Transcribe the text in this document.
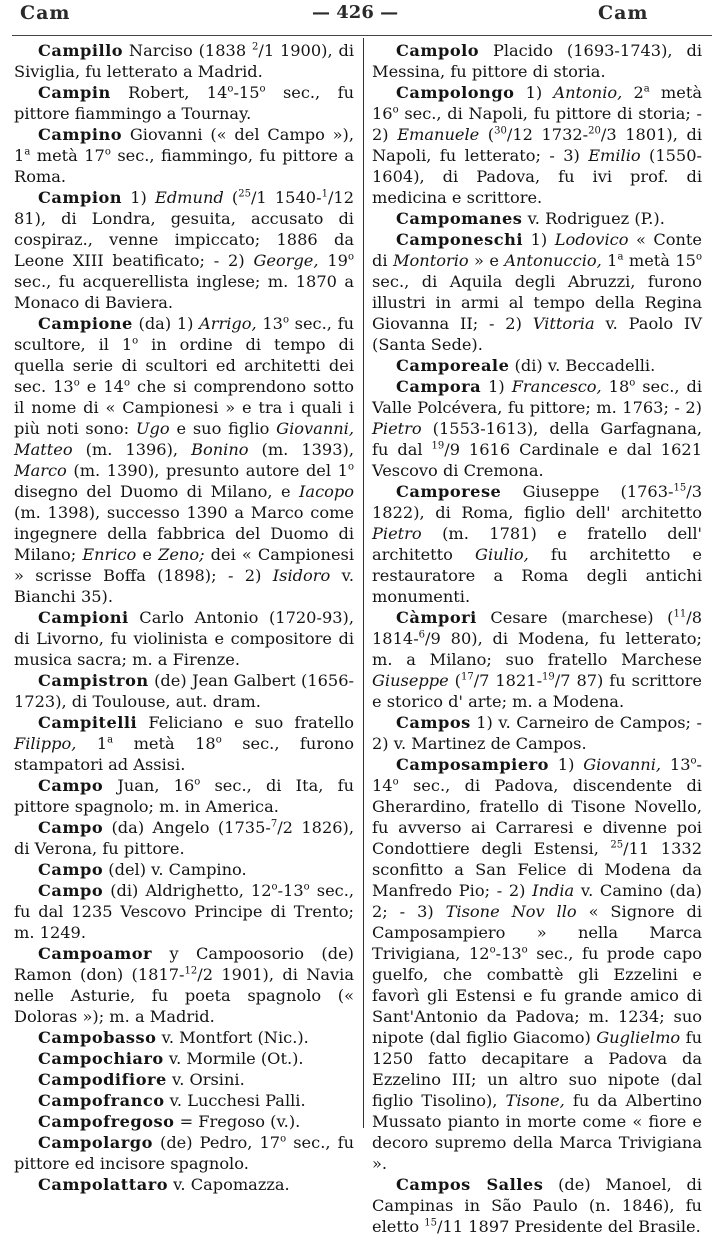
Cam	— 426 —	Cam

Campillo Narciso (1838 $^2$/1 1900), di Siviglia, fu letterato a Madrid.

Campin Robert, 14$^o$-15$^o$ sec., fu pittore fiammingo a Tournay.

Campino Giovanni (« del Campo »), 1$^a$ metà 17$^o$ sec., fiammingo, fu pittore a Roma.

Campion 1) Edmund ($^{25}$/1 1540-$^1$/12 81), di Londra, gesuita, accusato di cospiraz., venne impiccato; 1886 da Leone XIII beatificato; - 2) George, 19$^o$ sec., fu acquerellista inglese; m. 1870 a Monaco di Baviera.

Campione (da) 1) Arrigo, 13$^o$ sec., fu scultore, il 1$^o$ in ordine di tempo di quella serie di scultori ed architetti dei sec. 13$^o$ e 14$^o$ che si comprendono sotto il nome di « Campionesi » e tra i quali i più noti sono: Ugo e suo figlio Giovanni, Matteo (m. 1396), Bonino (m. 1393), Marco (m. 1390), presunto autore del 1$^o$ disegno del Duomo di Milano, e Iacopo (m. 1398), successo 1390 a Marco come ingegnere della fabbrica del Duomo di Milano; Enrico e Zeno; dei « Campionesi » scrisse Boffa (1898); - 2) Isidoro v. Bianchi 35).

Campioni Carlo Antonio (1720-93), di Livorno, fu violinista e compositore di musica sacra; m. a Firenze.

Campistron (de) Jean Galbert (1656-1723), di Toulouse, aut. dram.

Campitelli Feliciano e suo fratello Filippo, 1$^a$ metà 18$^o$ sec., furono stampatori ad Assisi.

Campo Juan, 16$^o$ sec., di Ita, fu pittore spagnolo; m. in America.

Campo (da) Angelo (1735-$^7$/2 1826), di Verona, fu pittore.

Campo (del) v. Campino.

Campo (di) Aldrighetto, 12$^o$-13$^o$ sec., fu dal 1235 Vescovo Principe di Trento; m. 1249.

Campoamor y Campoosorio (de) Ramon (don) (1817-$^{12}$/2 1901), di Navia nelle Asturie, fu poeta spagnolo (« Doloras »); m. a Madrid.

Campobasso v. Montfort (Nic.).

Campochiaro v. Mormile (Ot.).

Campodifiore v. Orsini.

Campofranco v. Lucchesi Palli.

Campofregoso = Fregoso (v.).

Campolargo (de) Pedro, 17$^o$ sec., fu pittore ed incisore spagnolo.

Campolattaro v. Capomazza.

Campolo Placido (1693-1743), di Messina, fu pittore di storia.

Campolongo 1) Antonio, 2$^a$ metà 16$^o$ sec., di Napoli, fu pittore di storia; - 2) Emanuele ($^{30}$/12 1732-$^{20}$/3 1801), di Napoli, fu letterato; - 3) Emilio (1550-1604), di Padova, fu ivi prof. di medicina e scrittore.

Campomanes v. Rodriguez (P.).

Camponeschi 1) Lodovico « Conte di Montorio » e Antonuccio, 1$^a$ metà 15$^o$ sec., di Aquila degli Abruzzi, furono illustri in armi al tempo della Regina Giovanna II; - 2) Vittoria v. Paolo IV (Santa Sede).

Camporeale (di) v. Beccadelli.

Campora 1) Francesco, 18$^o$ sec., di Valle Polcévera, fu pittore; m. 1763; - 2) Pietro (1553-1613), della Garfagnana, fu dal $^{19}$/9 1616 Cardinale e dal 1621 Vescovo di Cremona.

Camporese Giuseppe (1763-$^{15}$/3 1822), di Roma, figlio dell' architetto Pietro (m. 1781) e fratello dell' architetto Giulio, fu architetto e restauratore a Roma degli antichi monumenti.

Càmpori Cesare (marchese) ($^{11}$/8 1814-$^6$/9 80), di Modena, fu letterato; m. a Milano; suo fratello Marchese Giuseppe ($^{17}$/7 1821-$^{19}$/7 87) fu scrittore e storico d' arte; m. a Modena.

Campos 1) v. Carneiro de Campos; - 2) v. Martinez de Campos.

Camposampiero 1) Giovanni, 13$^o$-14$^o$ sec., di Padova, discendente di Gherardino, fratello di Tisone Novello, fu avverso ai Carraresi e divenne poi Condottiere degli Estensi, $^{25}$/11 1332 sconfitto a San Felice di Modena da Manfredo Pio; - 2) India v. Camino (da) 2; - 3) Tisone Nov llo « Signore di Camposampiero » nella Marca Trivigiana, 12$^o$-13$^o$ sec., fu prode capo guelfo, che combattè gli Ezzelini e favorì gli Estensi e fu grande amico di Sant'Antonio da Padova; m. 1234; suo nipote (dal figlio Giacomo) Guglielmo fu 1250 fatto decapitare a Padova da Ezzelino III; un altro suo nipote (dal figlio Tisolino), Tisone, fu da Albertino Mussato pianto in morte come « fiore e decoro supremo della Marca Trivigiana ».

Campos Salles (de) Manoel, di Campinas in São Paulo (n. 1846), fu eletto $^{15}$/11 1897 Presidente del Brasile.
